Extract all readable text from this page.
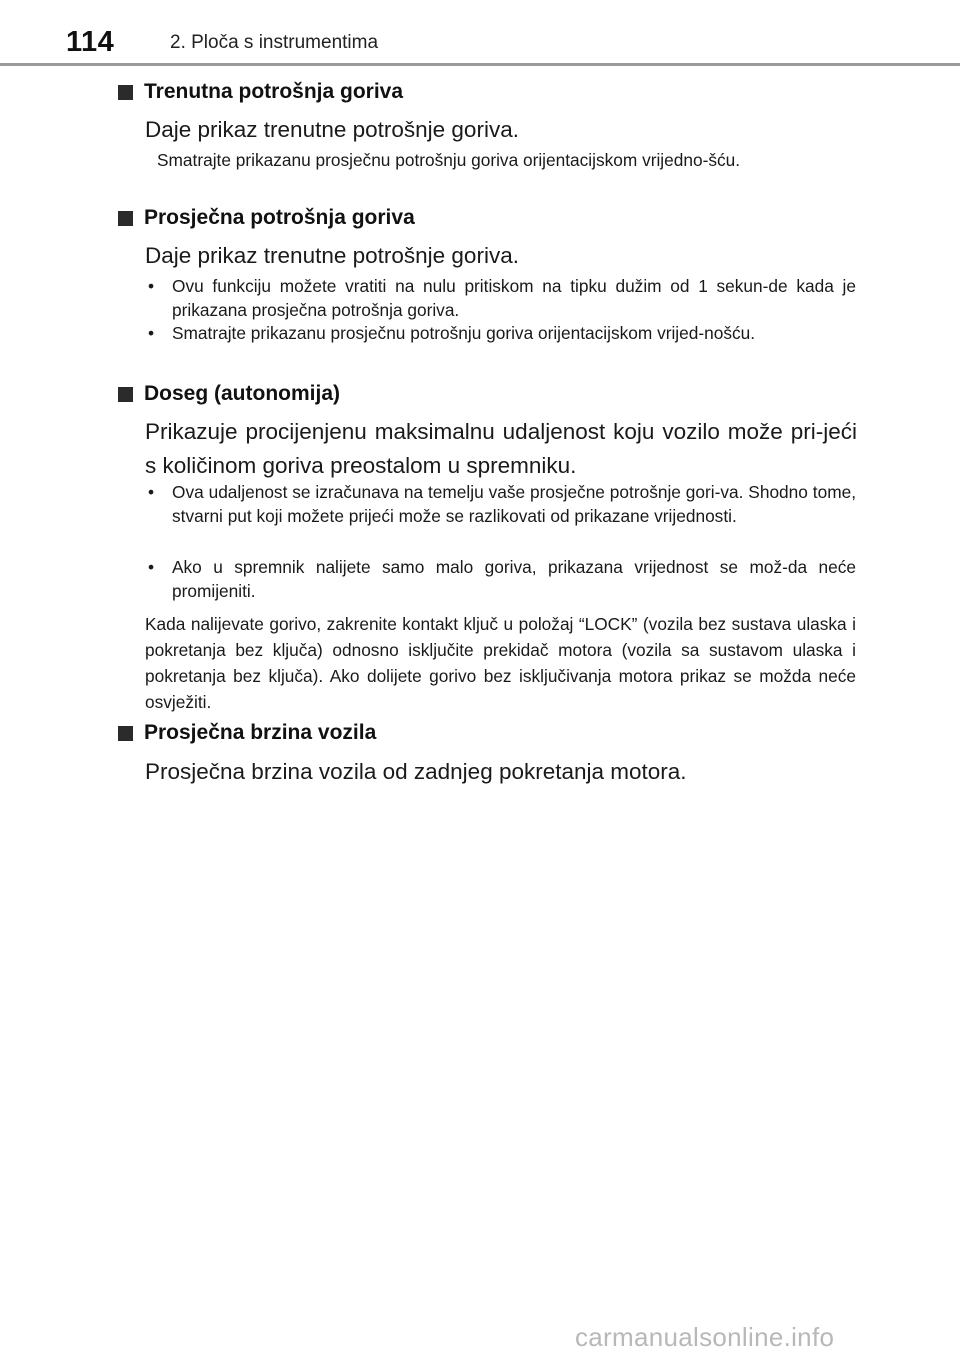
114	2. Ploča s instrumentima
Trenutna potrošnja goriva
Daje prikaz trenutne potrošnje goriva.
Smatrajte prikazanu prosječnu potrošnju goriva orijentacijskom vrijedno-šću.
Prosječna potrošnja goriva
Daje prikaz trenutne potrošnje goriva.
•	Ovu funkciju možete vratiti na nulu pritiskom na tipku dužim od 1 sekun-de kada je prikazana prosječna potrošnja goriva.
•	Smatrajte prikazanu prosječnu potrošnju goriva orijentacijskom vrijed-nošću.
Doseg (autonomija)
Prikazuje procijenjenu maksimalnu udaljenost koju vozilo može pri-jeći s količinom goriva preostalom u spremniku.
•	Ova udaljenost se izračunava na temelju vaše prosječne potrošnje gori-va. Shodno tome, stvarni put koji možete prijeći može se razlikovati od prikazane vrijednosti.
•	Ako u spremnik nalijete samo malo goriva, prikazana vrijednost se mož-da neće promijeniti.
Kada nalijevate gorivo, zakrenite kontakt ključ u položaj “LOCK” (vozila bez sustava ulaska i pokretanja bez ključa) odnosno isključite prekidač motora (vozila sa sustavom ulaska i pokretanja bez ključa). Ako dolijete gorivo bez isključivanja motora prikaz se možda neće osvježiti.
Prosječna brzina vozila
Prosječna brzina vozila od zadnjeg pokretanja motora.
carmanualsonline.info
